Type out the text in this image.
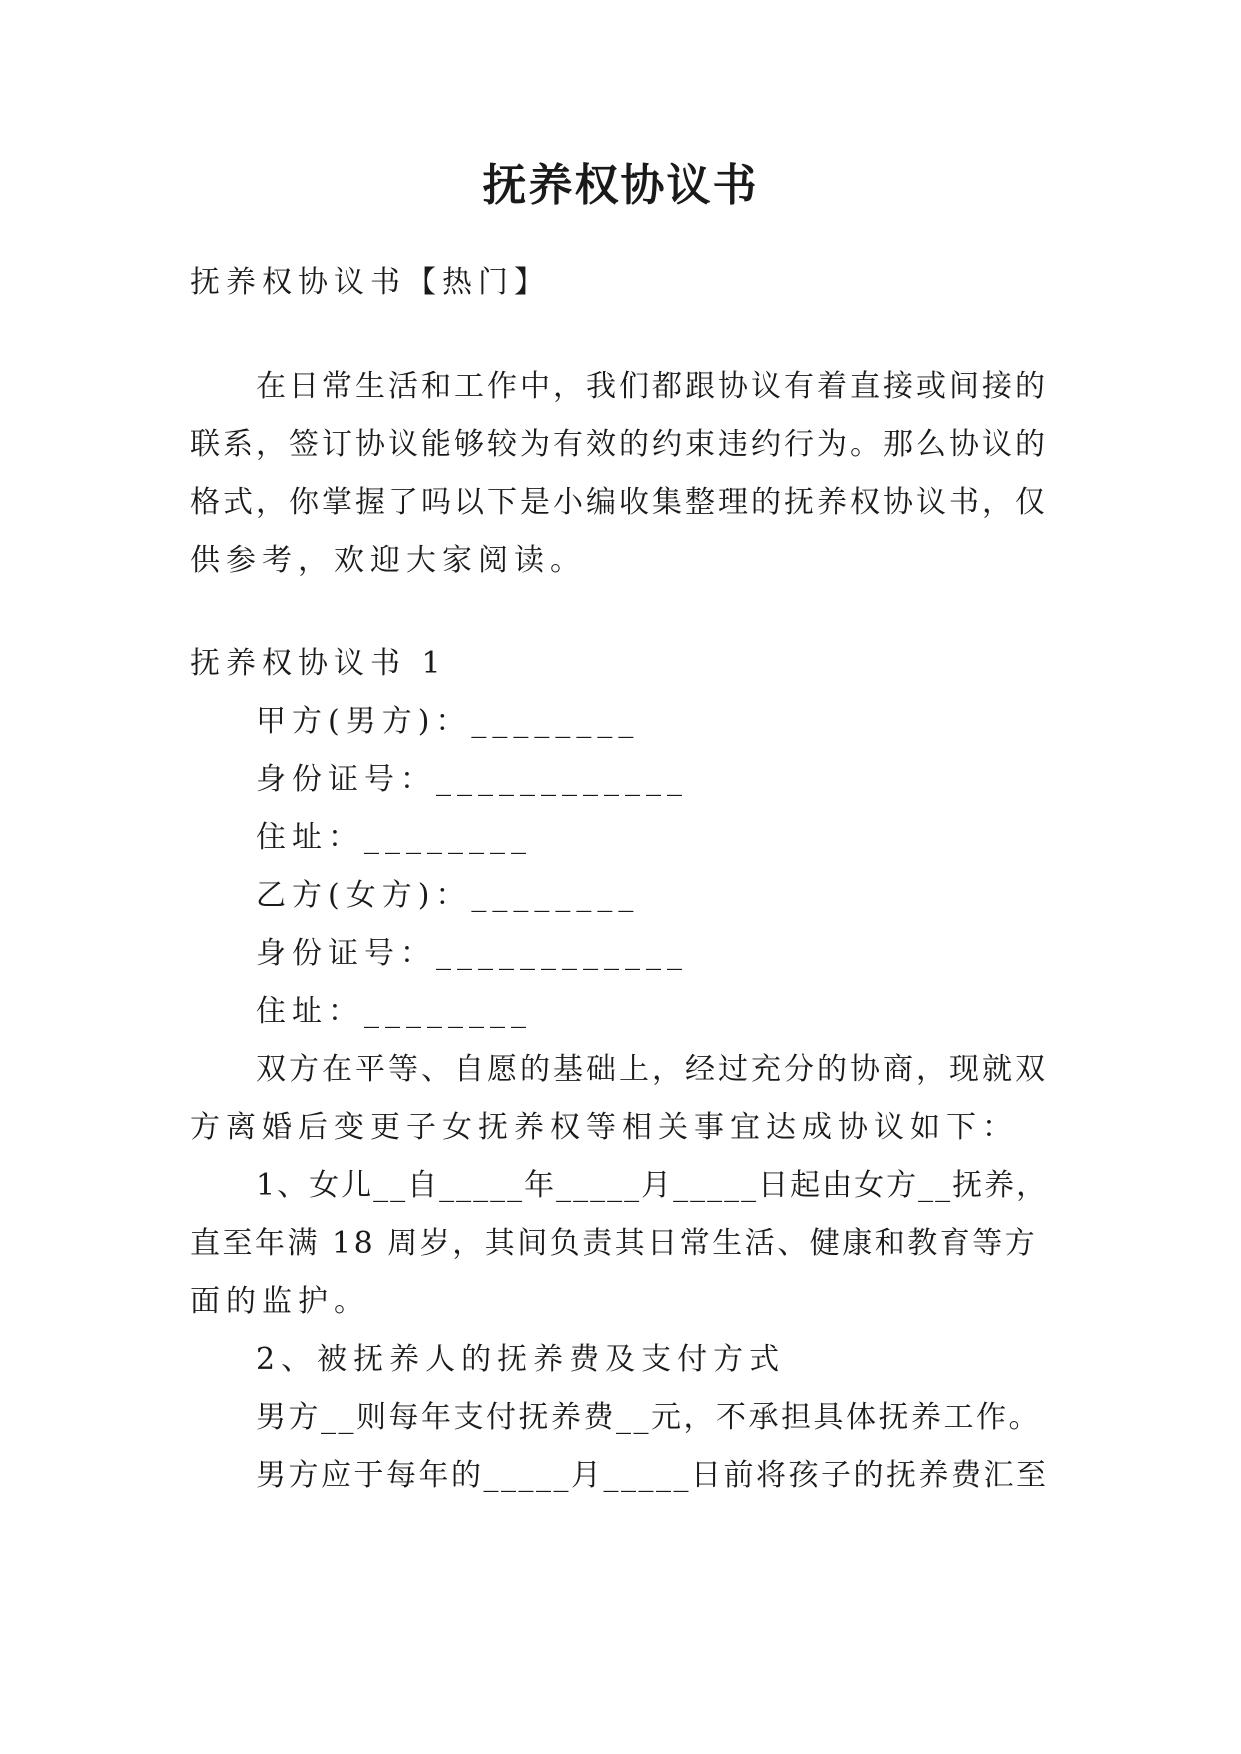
抚养权协议书
抚养权协议书【热门】
在日常生活和工作中，我们都跟协议有着直接或间接的
联系，签订协议能够较为有效的约束违约行为。那么协议的
格式，你掌握了吗以下是小编收集整理的抚养权协议书，仅
供参考，欢迎大家阅读。
抚养权协议书 1
甲方(男方)：________
身份证号：____________
住址：________
乙方(女方)：________
身份证号：____________
住址：________
双方在平等、自愿的基础上，经过充分的协商，现就双
方离婚后变更子女抚养权等相关事宜达成协议如下：
1、女儿__自_____年_____月_____日起由女方__抚养，
直至年满 18 周岁，其间负责其日常生活、健康和教育等方
面的监护。
2、被抚养人的抚养费及支付方式
男方__则每年支付抚养费__元，不承担具体抚养工作。
男方应于每年的_____月_____日前将孩子的抚养费汇至
